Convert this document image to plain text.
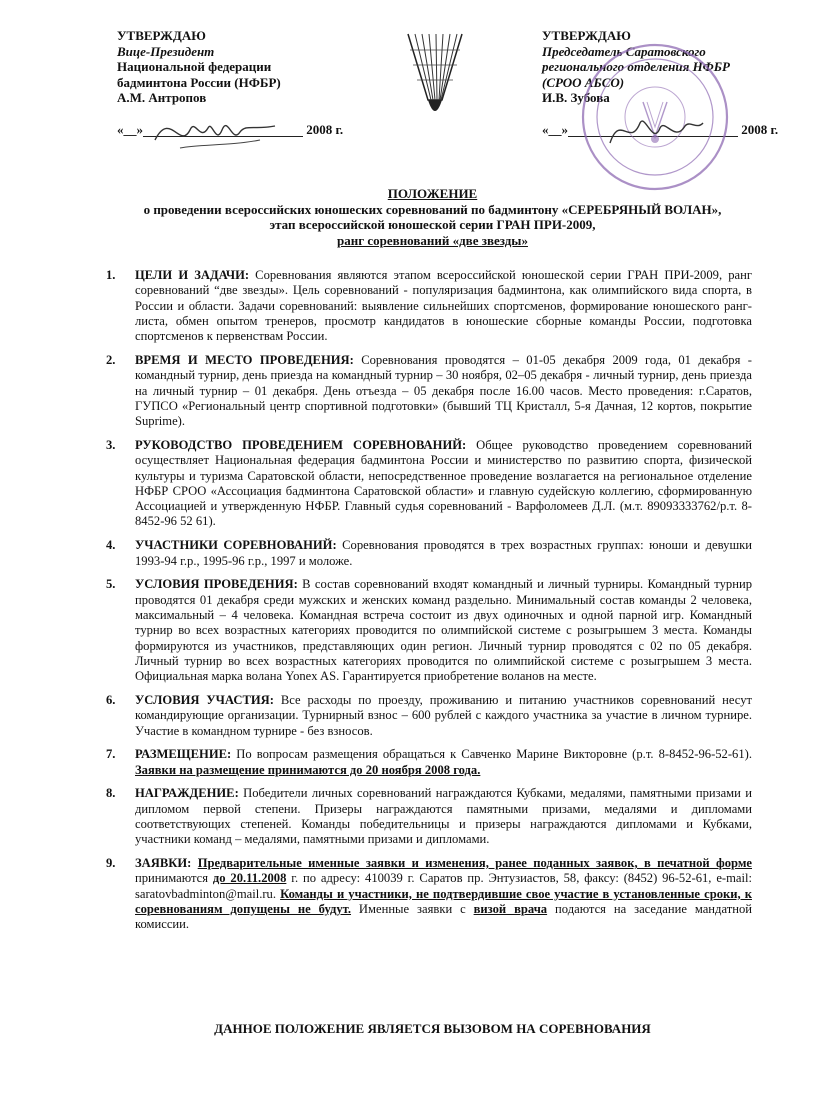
УТВЕРЖДАЮ
Вице-Президент
Национальной федерации
бадминтона России (НФБР)
А.М. Антропов
«__»	2008 г.
УТВЕРЖДАЮ
Председатель Саратовского
регионального отделения НФБР
(СРОО АБСО)
И.В. Зубова
«__»	2008 г.
ПОЛОЖЕНИЕ
о проведении всероссийских юношеских соревнований по бадминтону «СЕРЕБРЯНЫЙ ВОЛАН»,
этап всероссийской юношеской серии ГРАН ПРИ-2009,
ранг соревнований «две звезды»
1.	ЦЕЛИ И ЗАДАЧИ: Соревнования являются этапом всероссийской юношеской серии ГРАН ПРИ-2009, ранг соревнований “две звезды». Цель соревнований - популяризация бадминтона, как олимпийского вида спорта, в России и области. Задачи соревнований: выявление сильнейших спортсменов, формирование юношеского ранг-листа, обмен опытом тренеров, просмотр кандидатов в юношеские сборные команды России, подготовка спортсменов к первенствам России.
2.	ВРЕМЯ И МЕСТО ПРОВЕДЕНИЯ: Соревнования проводятся – 01-05 декабря 2009 года, 01 декабря - командный турнир, день приезда на командный турнир – 30 ноября, 02–05 декабря - личный турнир, день приезда на личный турнир – 01 декабря. День отъезда – 05 декабря после 16.00 часов. Место проведения: г.Саратов, ГУПСО «Региональный центр спортивной подготовки» (бывший ТЦ Кристалл, 5-я Дачная, 12 кортов, покрытие Suprime).
3.	РУКОВОДСТВО ПРОВЕДЕНИЕМ СОРЕВНОВАНИЙ: Общее руководство проведением соревнований осуществляет Национальная федерация бадминтона России и министерство по развитию спорта, физической культуры и туризма Саратовской области, непосредственное проведение возлагается на региональное отделение НФБР СРОО «Ассоциация бадминтона Саратовской области» и главную судейскую коллегию, сформированную Ассоциацией и утвержденную НФБР. Главный судья соревнований - Варфоломеев Д.Л. (м.т. 89093333762/р.т. 8-8452-96 52 61).
4.	УЧАСТНИКИ СОРЕВНОВАНИЙ: Соревнования проводятся в трех возрастных группах: юноши и девушки 1993-94 г.р., 1995-96 г.р., 1997 и моложе.
5.	УСЛОВИЯ ПРОВЕДЕНИЯ: В состав соревнований входят командный и личный турниры. Командный турнир проводятся 01 декабря среди мужских и женских команд раздельно. Минимальный состав команды 2 человека, максимальный – 4 человека. Командная встреча состоит из двух одиночных и одной парной игр. Командный турнир во всех возрастных категориях проводится по олимпийской системе с розыгрышем 3 места. Команды формируются из участников, представляющих один регион. Личный турнир проводятся с 02 по 05 декабря. Личный турнир во всех возрастных категориях проводится по олимпийской системе с розыгрышем 3 места. Официальная марка волана Yonex AS. Гарантируется приобретение воланов на месте.
6.	УСЛОВИЯ УЧАСТИЯ: Все расходы по проезду, проживанию и питанию участников соревнований несут командирующие организации. Турнирный взнос – 600 рублей с каждого участника за участие в личном турнире. Участие в командном турнире - без взносов.
7.	РАЗМЕЩЕНИЕ: По вопросам размещения обращаться к Савченко Марине Викторовне (р.т. 8-8452-96-52-61). Заявки на размещение принимаются до 20 ноября 2008 года.
8.	НАГРАЖДЕНИЕ: Победители личных соревнований награждаются Кубками, медалями, памятными призами и дипломом первой степени. Призеры награждаются памятными призами, медалями и дипломами соответствующих степеней. Команды победительницы и призеры награждаются дипломами и Кубками, участники команд – медалями, памятными призами и дипломами.
9.	ЗАЯВКИ: Предварительные именные заявки и изменения, ранее поданных заявок, в печатной форме принимаются до 20.11.2008 г. по адресу: 410039 г. Саратов пр. Энтузиастов, 58, факсу: (8452) 96-52-61, e-mail: saratovbadminton@mail.ru. Команды и участники, не подтвердившие свое участие в установленные сроки, к соревнованиям допущены не будут. Именные заявки с визой врача подаются на заседание мандатной комиссии.
ДАННОЕ ПОЛОЖЕНИЕ ЯВЛЯЕТСЯ ВЫЗОВОМ НА СОРЕВНОВАНИЯ
